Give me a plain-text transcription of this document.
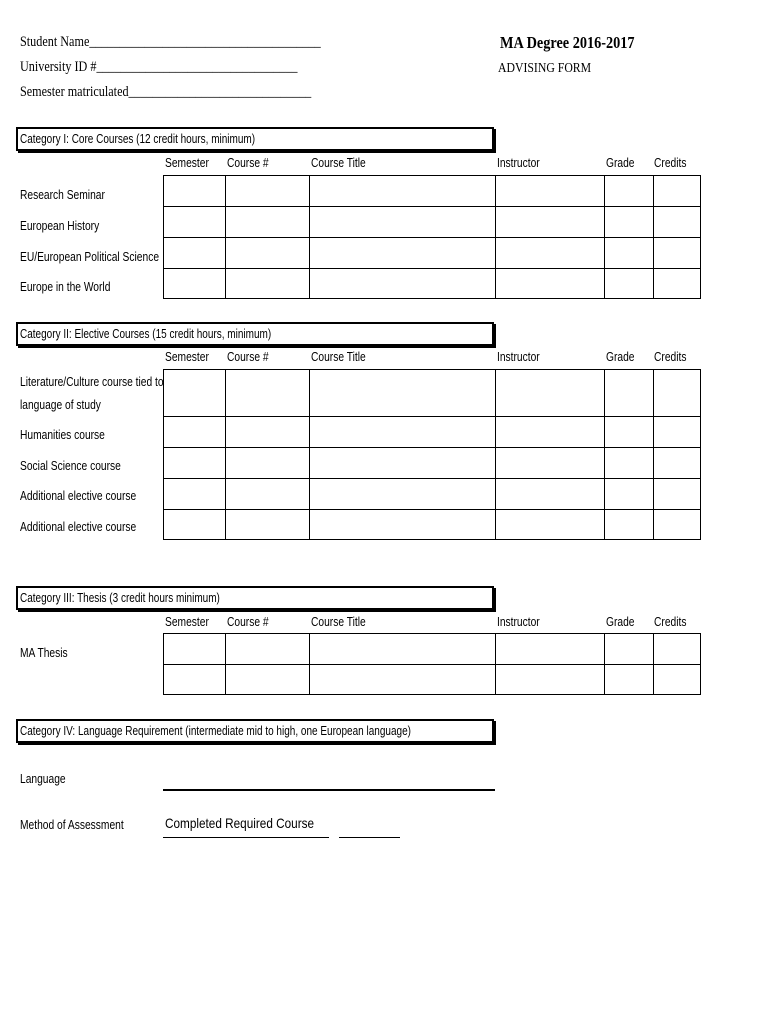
Student Name______________________________________
University ID #_________________________________
Semester matriculated______________________________
MA Degree 2016-2017
ADVISING FORM
Category I: Core Courses (12 credit hours, minimum)
Semester Course #	Course Title	Instructor	Grade Credits
Research Seminar
European History
EU/European Political Science
Europe in the World

Category II: Elective Courses (15 credit hours, minimum)
Semester Course #	Course Title	Instructor	Grade Credits
Literature/Culture course tied to
language of study
Humanities course
Social Science course
Additional elective course
Additional elective course

Category III: Thesis (3 credit hours minimum)
Semester Course #	Course Title	Instructor	Grade Credits
MA Thesis

Category IV: Language Requirement (intermediate mid to high, one European language)
Language
Method of Assessment	Completed Required Course
